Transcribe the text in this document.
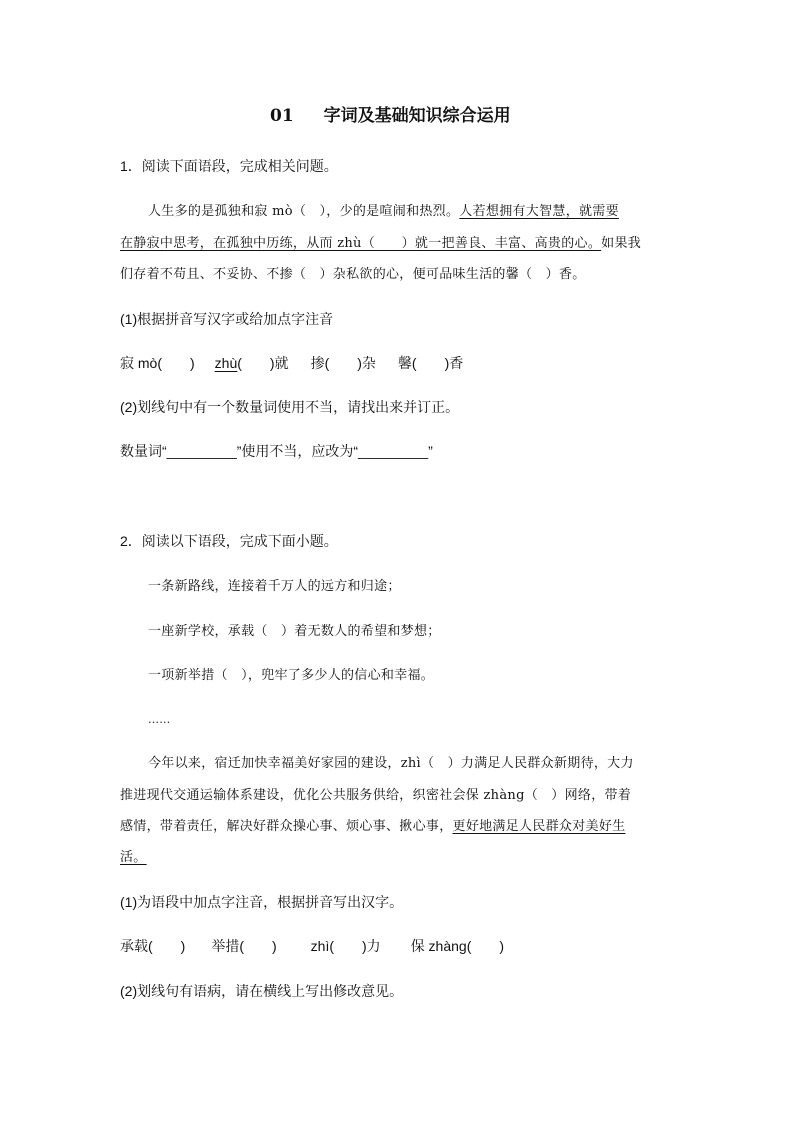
01 字词及基础知识综合运用
1．阅读下面语段，完成相关问题。
人生多的是孤独和寂 mò（　），少的是喧闹和热烈。人若想拥有大智慧，就需要
在静寂中思考，在孤独中历练，从而 zhù（　　）就一把善良、丰富、高贵的心。如果我
们存着不苟且、不妥协、不掺（　）杂私欲的心，便可品味生活的馨（　）香。
(1)根据拼音写汉字或给加点字注音
寂 mò(　　) zhù(　　)就 掺(　　)杂 馨(　　)香
(2)划线句中有一个数量词使用不当，请找出来并订正。
数量词“_________”使用不当，应改为“_________”
2．阅读以下语段，完成下面小题。
一条新路线，连接着千万人的远方和归途；
一座新学校，承载（　）着无数人的希望和梦想；
一项新举措（　），兜牢了多少人的信心和幸福。
……
今年以来，宿迁加快幸福美好家园的建设，zhì（　）力满足人民群众新期待，大力
推进现代交通运输体系建设，优化公共服务供给，织密社会保 zhàng（　）网络，带着
感情，带着责任，解决好群众操心事、烦心事、揪心事，更好地满足人民群众对美好生
活。
(1)为语段中加点字注音，根据拼音写出汉字。
承载(　　) 举措(　　) zhì(　　)力 保 zhàng(　　)
(2)划线句有语病，请在横线上写出修改意见。
